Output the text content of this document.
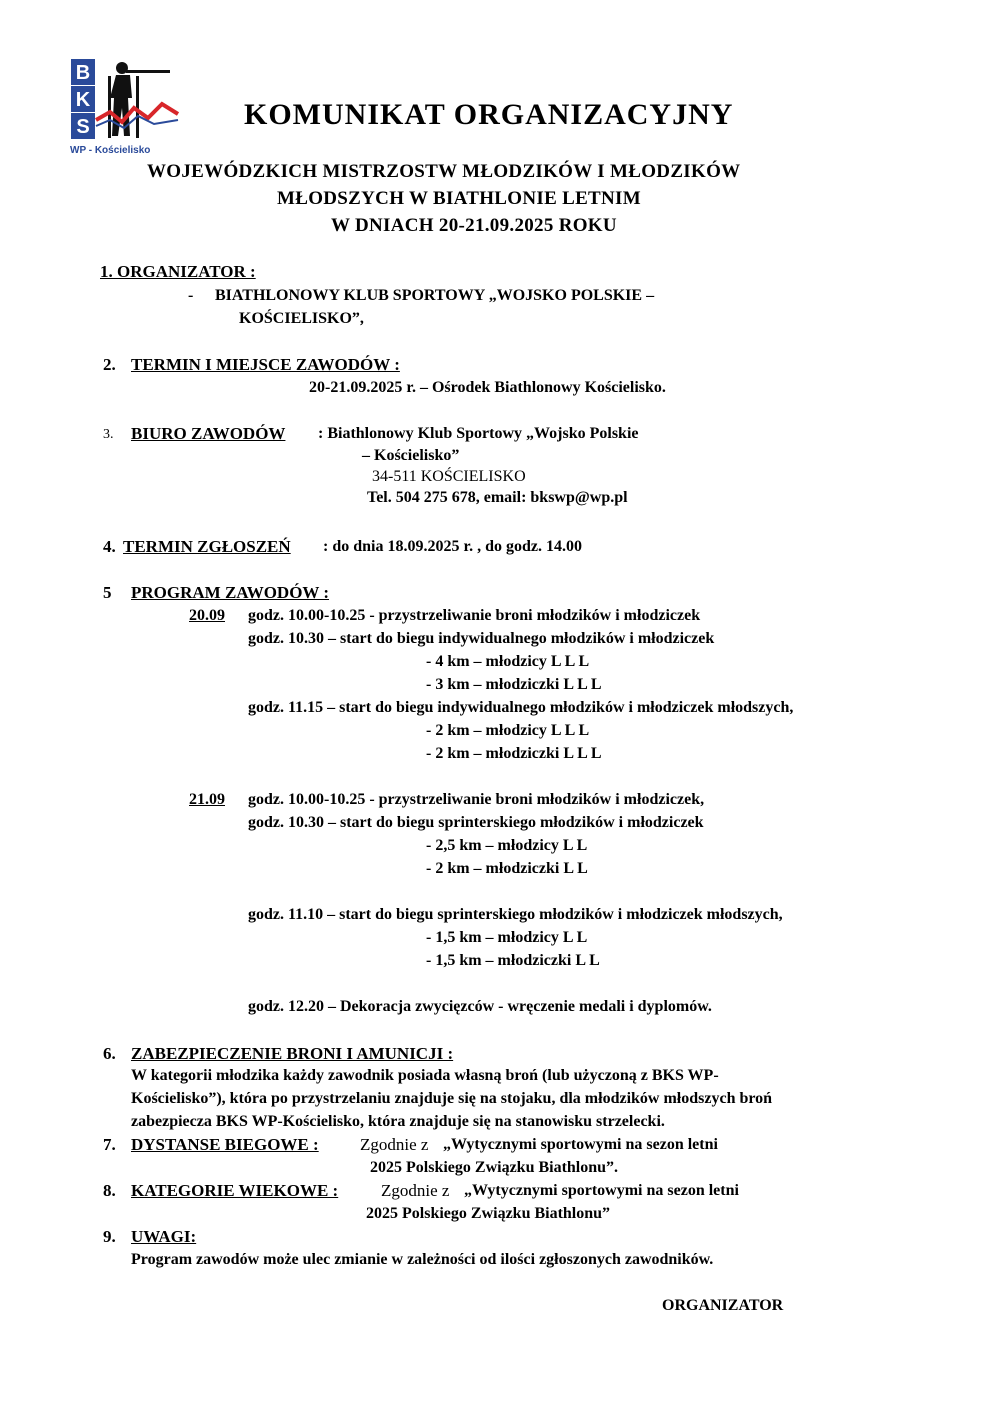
B
K
S
WP - Kościelisko
KOMUNIKAT ORGANIZACYJNY
WOJEWÓDZKICH MISTRZOSTW MŁODZIKÓW I MŁODZIKÓW
MŁODSZYCH W BIATHLONIE LETNIM
W DNIACH 20-21.09.2025 ROKU
1. ORGANIZATOR :
- BIATHLONOWY KLUB SPORTOWY „WOJSKO POLSKIE –
KOŚCIELISKO”,
2. TERMIN I MIEJSCE ZAWODÓW :
20-21.09.2025 r. – Ośrodek Biathlonowy Kościelisko.
3. BIURO ZAWODÓW : Biathlonowy Klub Sportowy „Wojsko Polskie
– Kościelisko”
34-511 KOŚCIELISKO
Tel. 504 275 678, email: bkswp@wp.pl
4. TERMIN ZGŁOSZEŃ : do dnia 18.09.2025 r. , do godz. 14.00
5 PROGRAM ZAWODÓW :
20.09 godz. 10.00-10.25 - przystrzeliwanie broni młodzików i młodziczek
godz. 10.30 – start do biegu indywidualnego młodzików i młodziczek
- 4 km – młodzicy L L L
- 3 km – młodziczki L L L
godz. 11.15 – start do biegu indywidualnego młodzików i młodziczek młodszych,
- 2 km – młodzicy L L L
- 2 km – młodziczki L L L
21.09 godz. 10.00-10.25 - przystrzeliwanie broni młodzików i młodziczek,
godz. 10.30 – start do biegu sprinterskiego młodzików i młodziczek
- 2,5 km – młodzicy L L
- 2 km – młodziczki L L
godz. 11.10 – start do biegu sprinterskiego młodzików i młodziczek młodszych,
- 1,5 km – młodzicy L L
- 1,5 km – młodziczki L L
godz. 12.20 – Dekoracja zwycięzców - wręczenie medali i dyplomów.
6. ZABEZPIECZENIE BRONI I AMUNICJI :
W kategorii młodzika każdy zawodnik posiada własną broń (lub użyczoną z BKS WP-
Kościelisko”), która po przystrzelaniu znajduje się na stojaku, dla młodzików młodszych broń
zabezpiecza BKS WP-Kościelisko, która znajduje się na stanowisku strzelecki.
7. DYSTANSE BIEGOWE : Zgodnie z „Wytycznymi sportowymi na sezon letni
2025 Polskiego Związku Biathlonu”.
8. KATEGORIE WIEKOWE :	Zgodnie z „Wytycznymi sportowymi na sezon letni
2025 Polskiego Związku Biathlonu”
9. UWAGI:
Program zawodów może ulec zmianie w zależności od ilości zgłoszonych zawodników.
ORGANIZATOR
